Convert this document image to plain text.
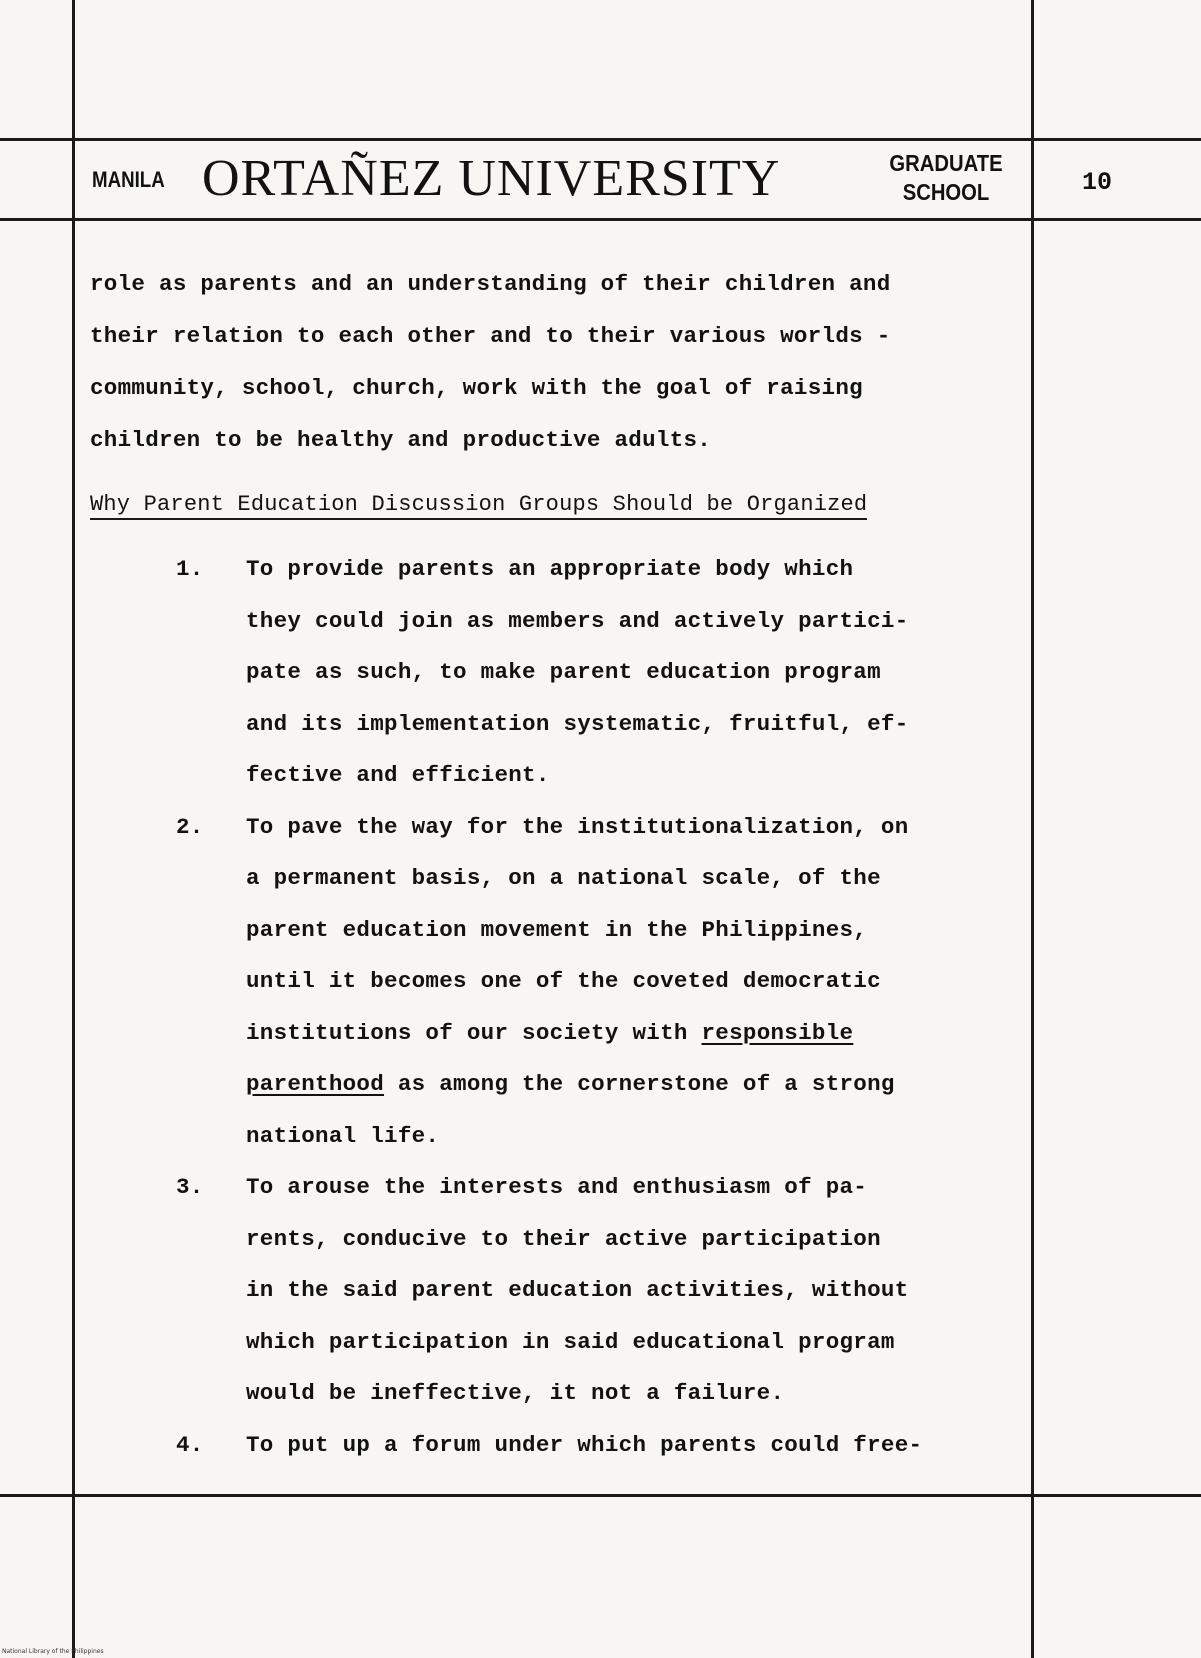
MANILA ORTAÑEZ UNIVERSITY	GRADUATE
SCHOOL	10
role as parents and an understanding of their children and
their relation to each other and to their various worlds -
community, school, church, work with the goal of raising
children to be healthy and productive adults.
Why Parent Education Discussion Groups Should be Organized
1. To provide parents an appropriate body which
they could join as members and actively partici-
pate as such, to make parent education program
and its implementation systematic, fruitful, ef-
fective and efficient.
2. To pave the way for the institutionalization, on
a permanent basis, on a national scale, of the
parent education movement in the Philippines,
until it becomes one of the coveted democratic
institutions of our society with responsible
parenthood as among the cornerstone of a strong
national life.
3. To arouse the interests and enthusiasm of pa-
rents, conducive to their active participation
in the said parent education activities, without
which participation in said educational program
would be ineffective, it not a failure.
4. To put up a forum under which parents could free-
National Library of the Philippines
